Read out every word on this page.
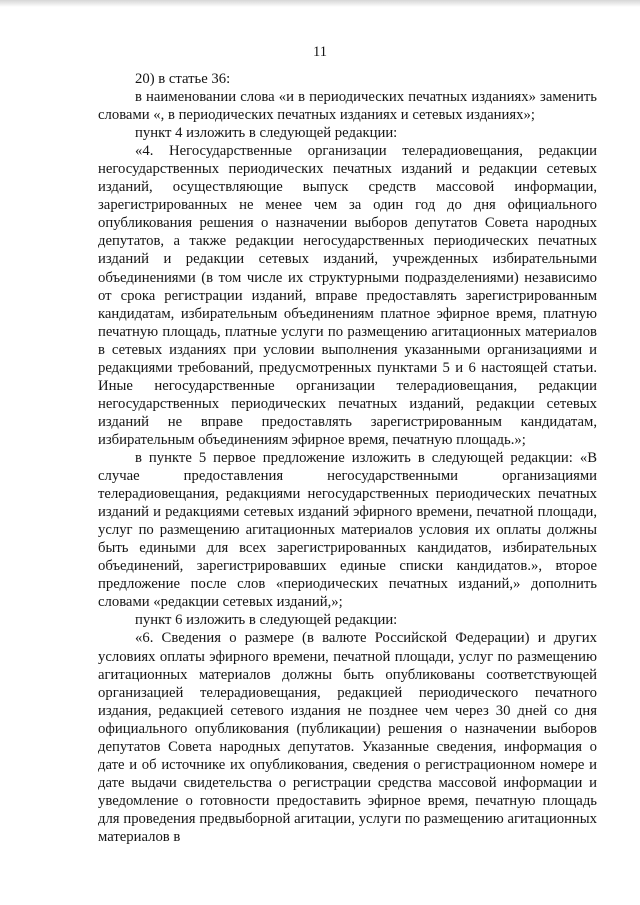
11

20) в статье 36:

в наименовании слова «и в периодических печатных изданиях» заменить словами «, в периодических печатных изданиях и сетевых изданиях»;

пункт 4 изложить в следующей редакции:

«4. Негосударственные организации телерадиовещания, редакции негосударственных периодических печатных изданий и редакции сетевых изданий, осуществляющие выпуск средств массовой информации, зарегистрированных не менее чем за один год до дня официального опубликования решения о назначении выборов депутатов Совета народных депутатов, а также редакции негосударственных периодических печатных изданий и редакции сетевых изданий, учрежденных избирательными объединениями (в том числе их структурными подразделениями) независимо от срока регистрации изданий, вправе предоставлять зарегистрированным кандидатам, избирательным объединениям платное эфирное время, платную печатную площадь, платные услуги по размещению агитационных материалов в сетевых изданиях при условии выполнения указанными организациями и редакциями требований, предусмотренных пунктами 5 и 6 настоящей статьи. Иные негосударственные организации телерадиовещания, редакции негосударственных периодических печатных изданий, редакции сетевых изданий не вправе предоставлять зарегистрированным кандидатам, избирательным объединениям эфирное время, печатную площадь.»;

в пункте 5 первое предложение изложить в следующей редакции: «В случае предоставления негосударственными организациями телерадиовещания, редакциями негосударственных периодических печатных изданий и редакциями сетевых изданий эфирного времени, печатной площади, услуг по размещению агитационных материалов условия их оплаты должны быть едиными для всех зарегистрированных кандидатов, избирательных объединений, зарегистрировавших единые списки кандидатов.», второе предложение после слов «периодических печатных изданий,» дополнить словами «редакции сетевых изданий,»;

пункт 6 изложить в следующей редакции:

«6. Сведения о размере (в валюте Российской Федерации) и других условиях оплаты эфирного времени, печатной площади, услуг по размещению агитационных материалов должны быть опубликованы соответствующей организацией телерадиовещания, редакцией периодического печатного издания, редакцией сетевого издания не позднее чем через 30 дней со дня официального опубликования (публикации) решения о назначении выборов депутатов Совета народных депутатов. Указанные сведения, информация о дате и об источнике их опубликования, сведения о регистрационном номере и дате выдачи свидетельства о регистрации средства массовой информации и уведомление о готовности предоставить эфирное время, печатную площадь для проведения предвыборной агитации, услуги по размещению агитационных материалов в
